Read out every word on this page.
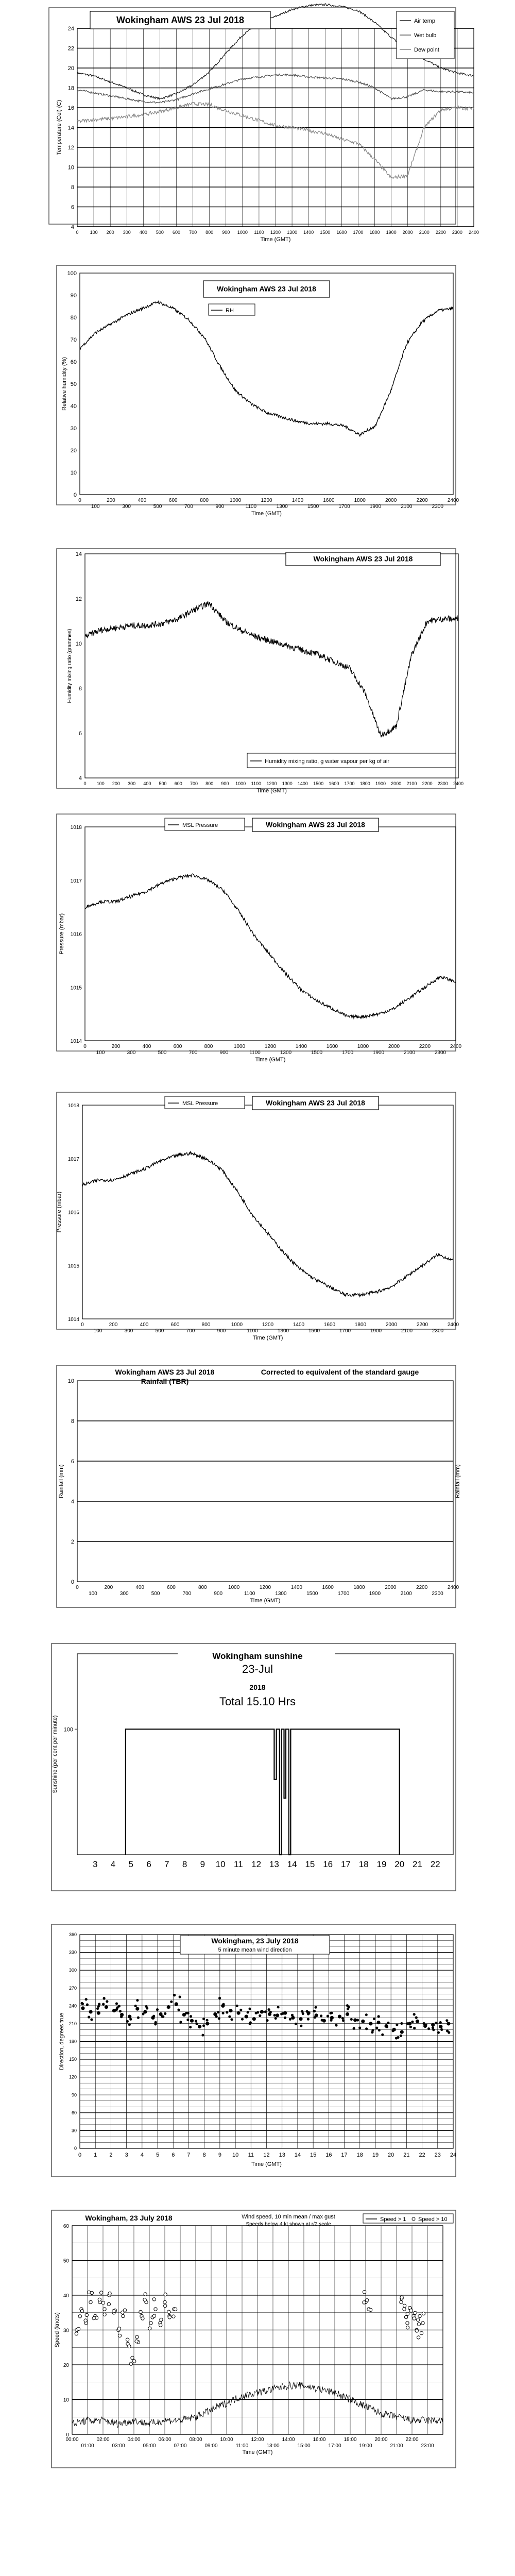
4
6
8
10
12
14
16
18
20
22
24
0 100 200 300 400 500 600 700 800 900 1000 1100 1200 1300 1400 1500 1600 1700 1800 1900 2000 2100 2200 2300 2400
Time (GMT)
Temperature (Cel) (C)
Wokingham AWS 23 Jul 2018	Air temp
Wet bulb
Dew point
0
10
20
30
40
50
60
70
80
90
100
0
100
200
300
400
500
600
700
800
900
1000
1100
1200
1300
1400
1500
1600
1700
1800
1900
2000
2100
2200
2300
2400
Time (GMT)
Relative humidity (%)
Wokingham AWS 23 Jul 2018
RH
4
6
8
10
12
14
0 100 200 300 400 500 600 700 800 900 1000 1100 1200 1300 1400 1500 1600 1700 1800 1900 2000 2100 2200 2300 2400
Time (GMT)
Humidity mixing ratio (grammes)
Wokingham AWS 23 Jul 2018
Humidity mixing ratio, g water vapour per kg of air
1014
1015
1016
1017
1018
0
100
200
300
400
500
600
700
800
900
1000
1100
1200
1300
1400
1500
1600
1700
1800
1900
2000
2100
2200
2300
2400
Time (GMT)
Pressure (mbar)
MSL Pressure	Wokingham AWS 23 Jul 2018
1014
1015
1016
1017
1018
0
100
200
300
400
500
600
700
800
900
1000
1100
1200
1300
1400
1500
1600
1700
1800
1900
2000
2100
2200
2300
2400
Time (GMT)
Pressure (mbar)
MSL Pressure	Wokingham AWS 23 Jul 2018
0
2
4
6
8
10
0
100
200
300
400
500
600
700
800
900
1000
1100
1200
1300
1400
1500
1600
1700
1800
1900
2000
2100
2200
2300
2400
Time (GMT)
Rainfall (mm)	Rainfall (mm)
Wokingham AWS 23 Jul 2018
Rainfall (TBR)
Corrected to equivalent of the standard gauge
100
3 4 5 6 7 8 9 10 11 12 13 14 15 16 17 18 19 20 21 22
Sunshine (per cent per minute)
Wokingham sunshine
23-Jul
2018
Total 15.10 Hrs
0
30
60
90
120
150
180
210
240
270
300
330
360
0 1 2 3 4 5 6 7 8 9 10 11 12 13 14 15 16 17 18 19 20 21 22 23 24
Time (GMT)
Direction, degrees true
Wokingham, 23 July 2018
5 minute mean wind direction
0
10
20
30
40
50
60
00:00	02:00	04:00	06:00	08:00	10:00	12:00	14:00	16:00	18:00	20:00	22:00
01:00	03:00	05:00	07:00	09:00	11:00	13:00	15:00	17:00	19:00	21:00	23:00
Time (GMT)
Speed (knots)
Wokingham, 23 July 2018	Wind speed, 10 min mean / max gust
Speeds below 4 kt shown at r/2 scale
Speed > 1 Speed > 10
